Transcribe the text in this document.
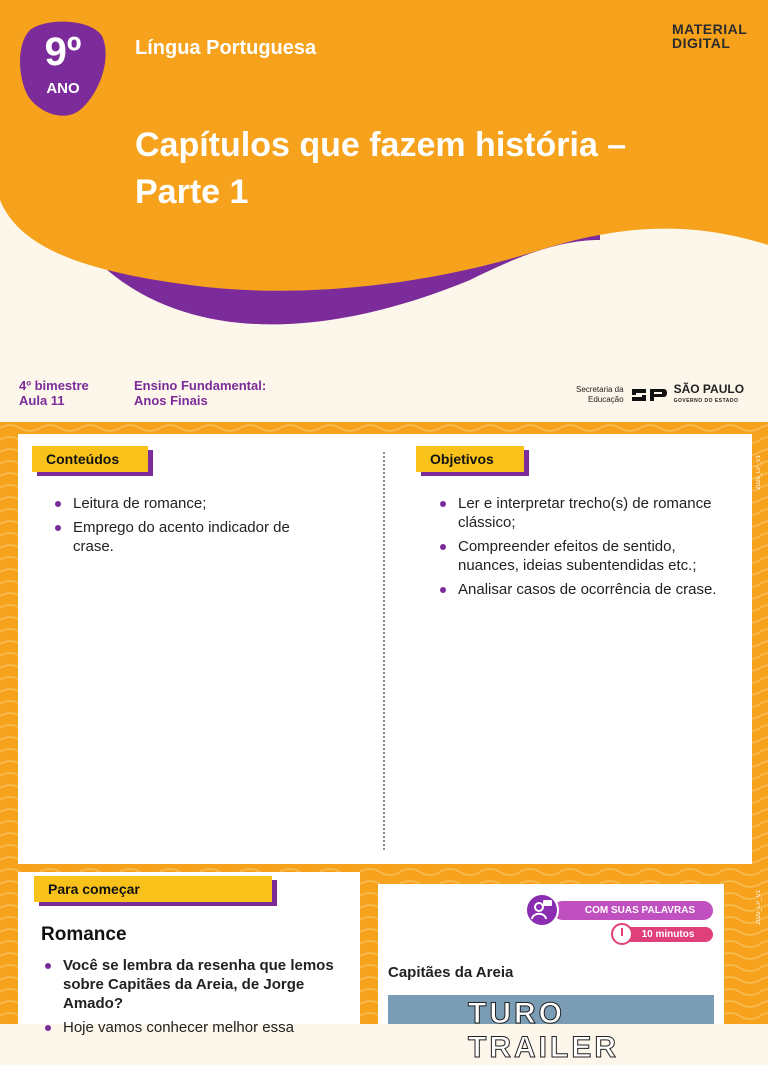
9º
ANO
Língua Portuguesa
Capítulos que fazem história –
Parte 1
MATERIAL
DIGITAL
4º bimestre
Aula 11
Ensino Fundamental:
Anos Finais
Secretaria da
Educação
SÃO PAULO
GOVERNO DO ESTADO
Conteúdos
Leitura de romance;
Emprego do acento indicador de crase.
Objetivos
Ler e interpretar trecho(s) de romance clássico;
Compreender efeitos de sentido, nuances, ideias subentendidas etc.;
Analisar casos de ocorrência de crase.
Para começar
Romance
Você se lembra da resenha que lemos sobre Capitães da Areia, de Jorge Amado?
Hoje vamos conhecer melhor essa
COM SUAS PALAVRAS
10 minutos
Capitães da Areia
TURO TRAILER
2025_LP_V1
2025_LP_V1
